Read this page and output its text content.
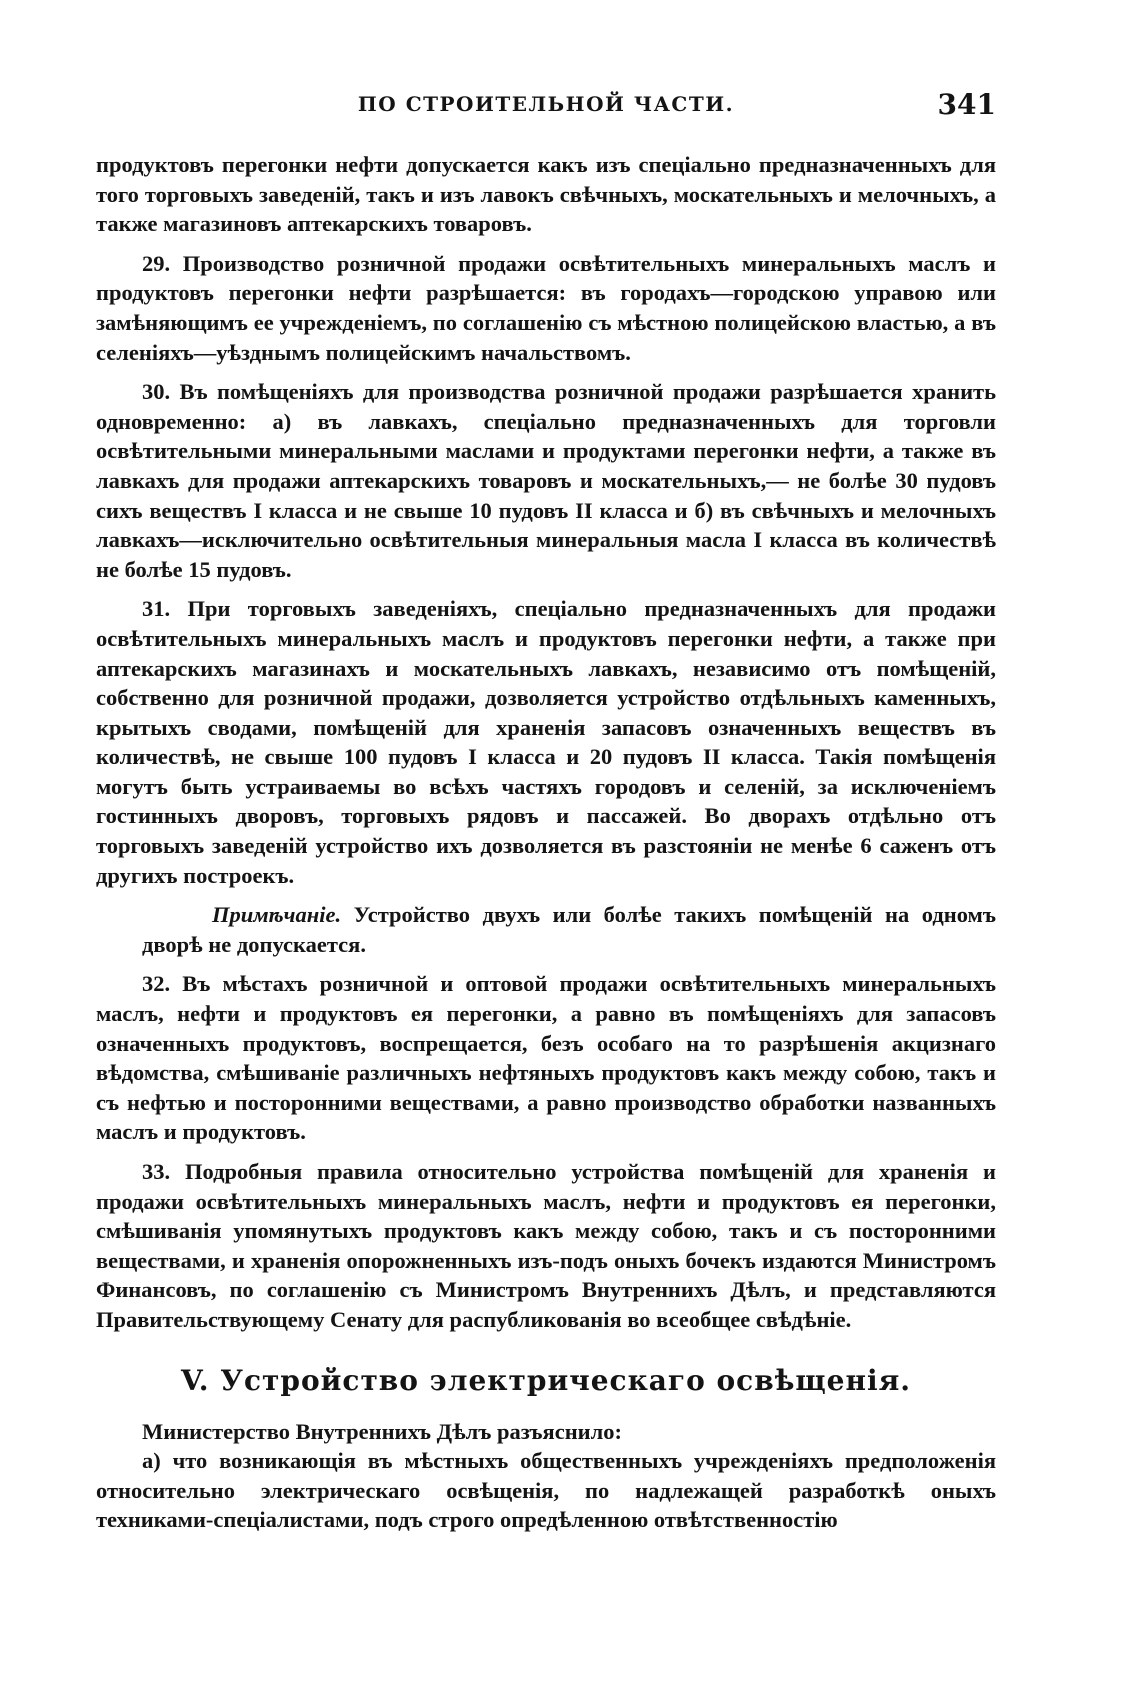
ПО СТРОИТЕЛЬНОЙ ЧАСТИ.	341

продуктовъ перегонки нефти допускается какъ изъ спеціально предназначенныхъ для того торговыхъ заведеній, такъ и изъ лавокъ свѣчныхъ, москательныхъ и мелочныхъ, а также магазиновъ аптекарскихъ товаровъ.

29. Производство розничной продажи освѣтительныхъ минеральныхъ маслъ и продуктовъ перегонки нефти разрѣшается: въ городахъ—городскою управою или замѣняющимъ ее учрежденіемъ, по соглашенію съ мѣстною полицейскою властью, а въ селеніяхъ—уѣзднымъ полицейскимъ начальствомъ.

30. Въ помѣщеніяхъ для производства розничной продажи разрѣшается хранить одновременно: а) въ лавкахъ, спеціально предназначенныхъ для торговли освѣтительными минеральными маслами и продуктами перегонки нефти, а также въ лавкахъ для продажи аптекарскихъ товаровъ и москательныхъ,— не болѣе 30 пудовъ сихъ веществъ I класса и не свыше 10 пудовъ II класса и б) въ свѣчныхъ и мелочныхъ лавкахъ—исключительно освѣтительныя минеральныя масла I класса въ количествѣ не болѣе 15 пудовъ.

31. При торговыхъ заведеніяхъ, спеціально предназначенныхъ для продажи освѣтительныхъ минеральныхъ маслъ и продуктовъ перегонки нефти, а также при аптекарскихъ магазинахъ и москательныхъ лавкахъ, независимо отъ помѣщеній, собственно для розничной продажи, дозволяется устройство отдѣльныхъ каменныхъ, крытыхъ сводами, помѣщеній для храненія запасовъ означенныхъ веществъ въ количествѣ, не свыше 100 пудовъ I класса и 20 пудовъ II класса. Такія помѣщенія могутъ быть устраиваемы во всѣхъ частяхъ городовъ и селеній, за исключеніемъ гостинныхъ дворовъ, торговыхъ рядовъ и пассажей. Во дворахъ отдѣльно отъ торговыхъ заведеній устройство ихъ дозволяется въ разстояніи не менѣе 6 саженъ отъ другихъ построекъ.

Примѣчаніе. Устройство двухъ или болѣе такихъ помѣщеній на одномъ дворѣ не допускается.

32. Въ мѣстахъ розничной и оптовой продажи освѣтительныхъ минеральныхъ маслъ, нефти и продуктовъ ея перегонки, а равно въ помѣщеніяхъ для запасовъ означенныхъ продуктовъ, воспрещается, безъ особаго на то разрѣшенія акцизнаго вѣдомства, смѣшиваніе различныхъ нефтяныхъ продуктовъ какъ между собою, такъ и съ нефтью и посторонними веществами, а равно производство обработки названныхъ маслъ и продуктовъ.

33. Подробныя правила относительно устройства помѣщеній для храненія и продажи освѣтительныхъ минеральныхъ маслъ, нефти и продуктовъ ея перегонки, смѣшиванія упомянутыхъ продуктовъ какъ между собою, такъ и съ посторонними веществами, и храненія опорожненныхъ изъ-подъ оныхъ бочекъ издаются Министромъ Финансовъ, по соглашенію съ Министромъ Внутреннихъ Дѣлъ, и представляются Правительствующему Сенату для распубликованія во всеобщее свѣдѣніе.

V. Устройство электрическаго освѣщенія.

Министерство Внутреннихъ Дѣлъ разъяснило:

а) что возникающія въ мѣстныхъ общественныхъ учрежденіяхъ предположенія относительно электрическаго освѣщенія, по надлежащей разработкѣ оныхъ техниками-спеціалистами, подъ строго опредѣленною отвѣтственностію
